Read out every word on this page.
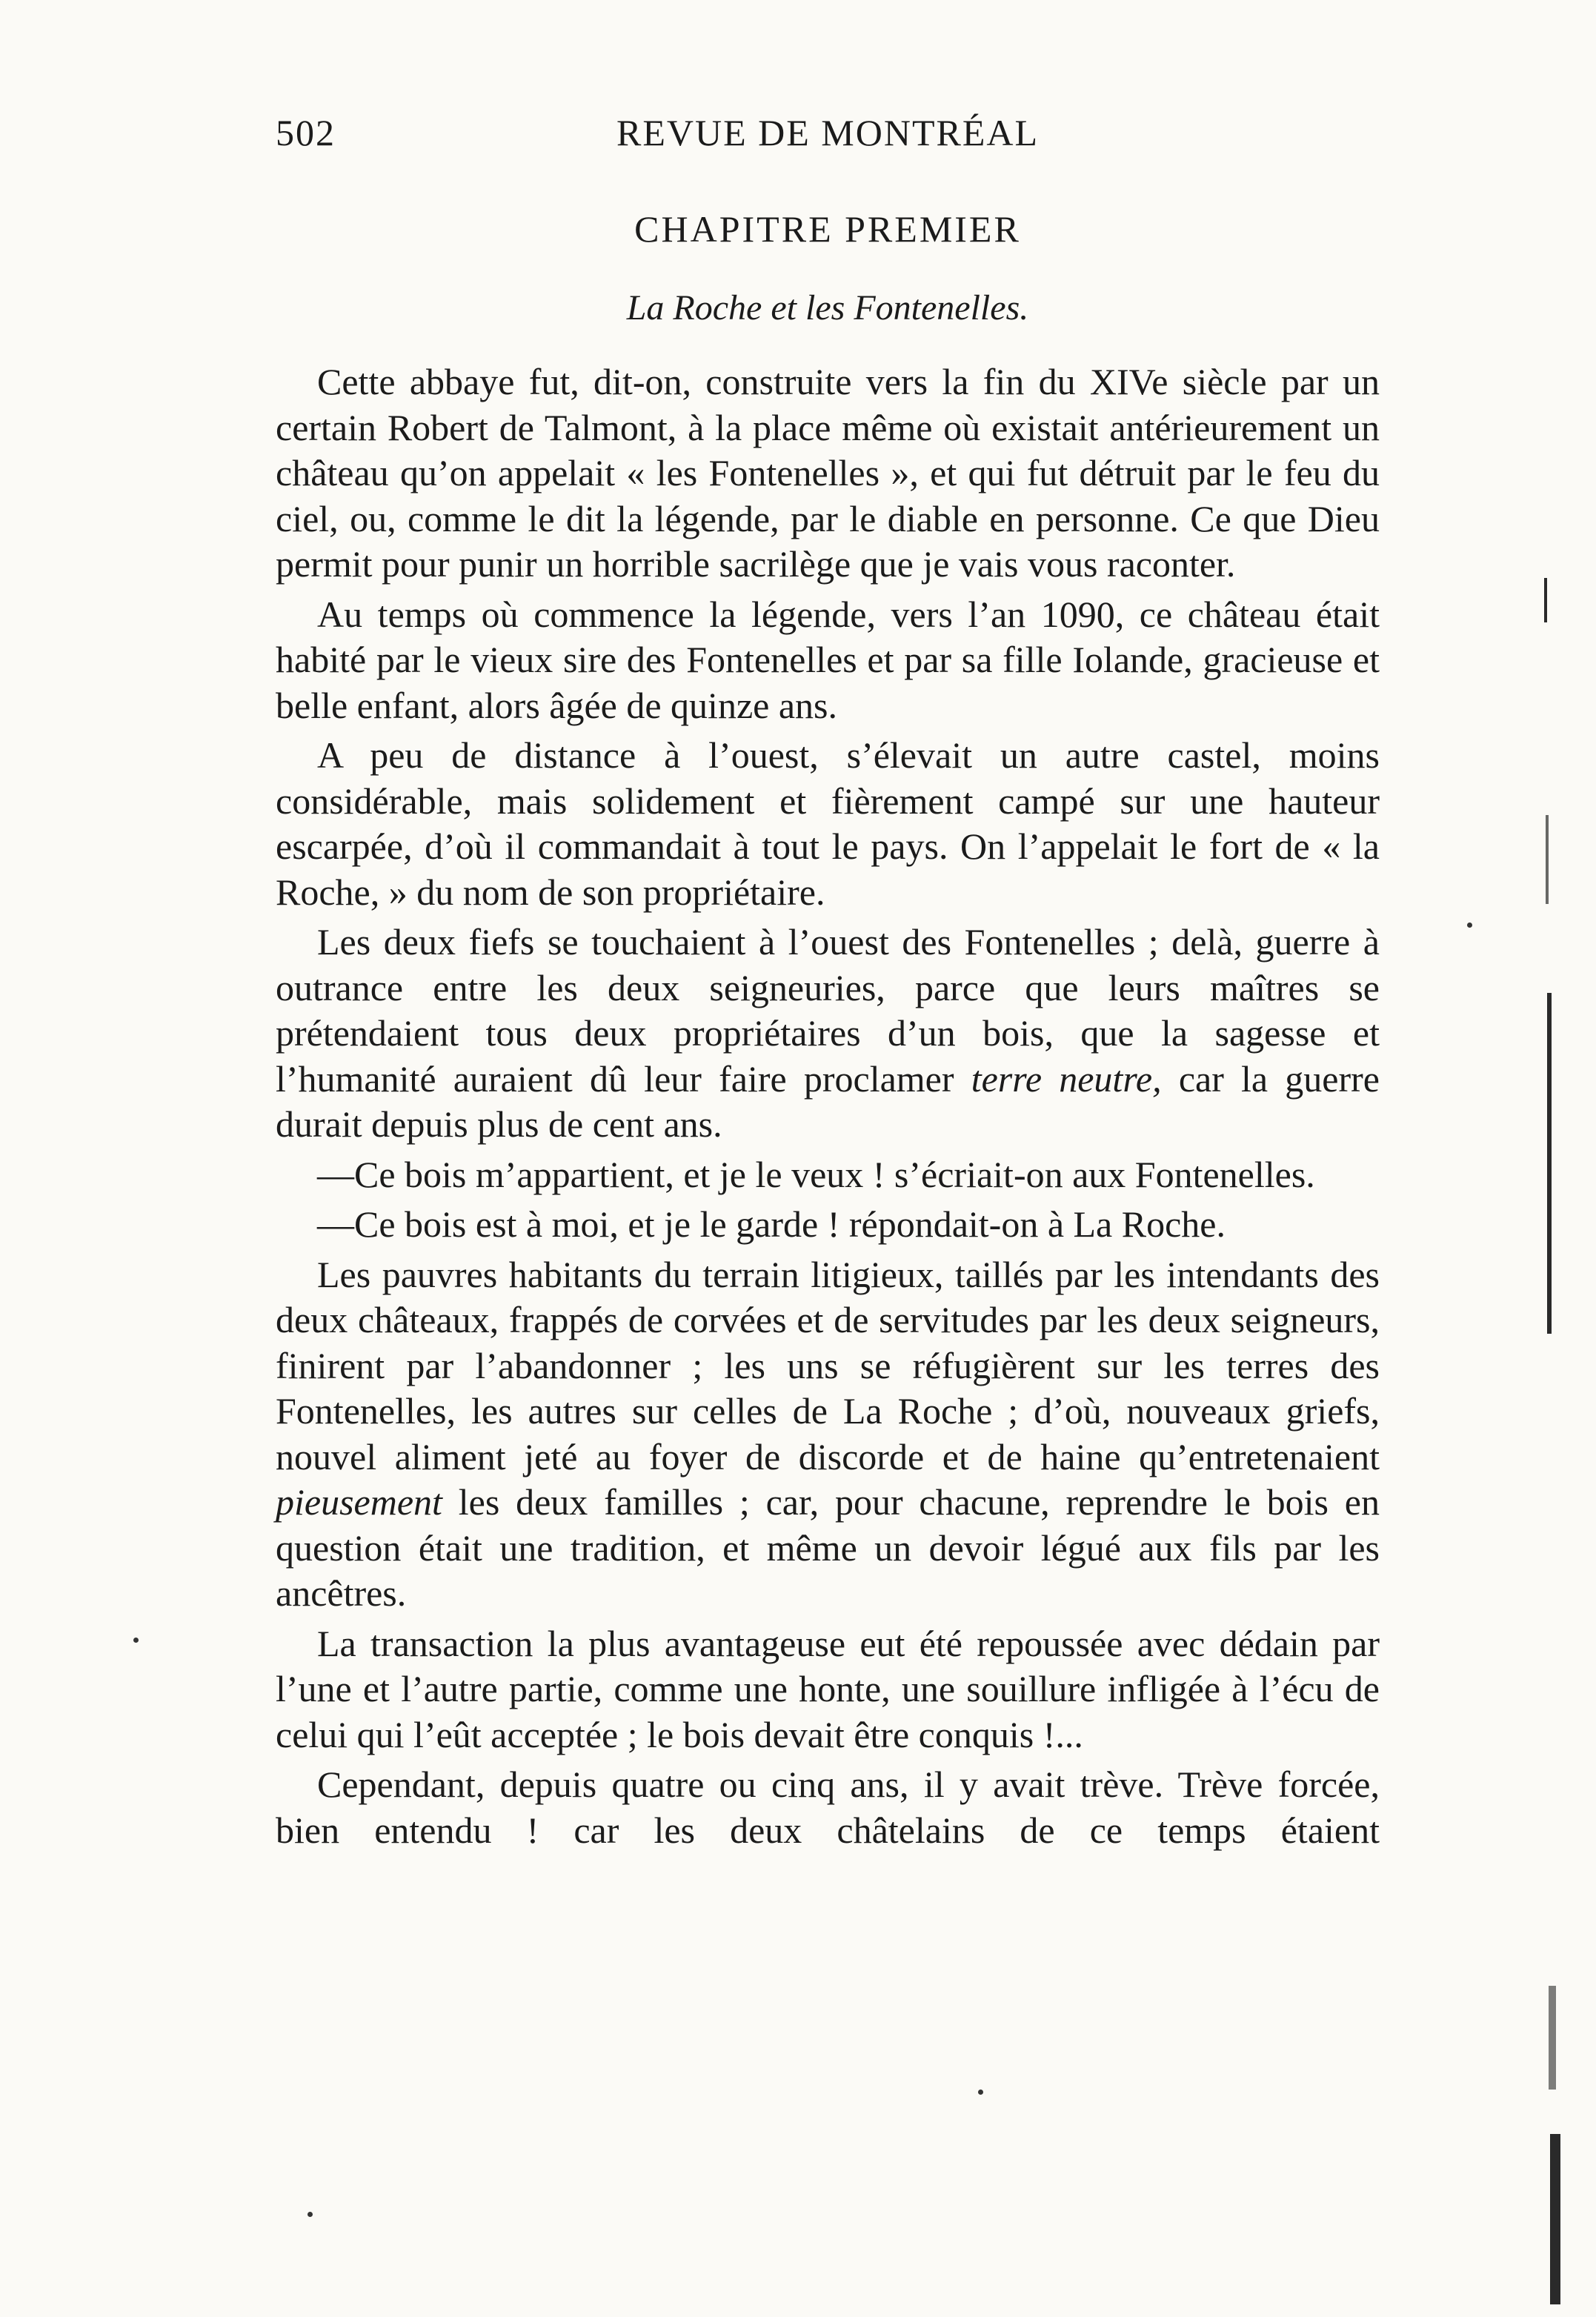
502	REVUE DE MONTRÉAL
CHAPITRE PREMIER
La Roche et les Fontenelles.

Cette abbaye fut, dit-on, construite vers la fin du XIVe siècle par un certain Robert de Talmont, à la place même où existait antérieurement un château qu’on appelait « les Fontenelles », et qui fut détruit par le feu du ciel, ou, comme le dit la légende, par le diable en personne. Ce que Dieu permit pour punir un horrible sacrilège que je vais vous raconter.

Au temps où commence la légende, vers l’an 1090, ce château était habité par le vieux sire des Fontenelles et par sa fille Iolande, gracieuse et belle enfant, alors âgée de quinze ans.

A peu de distance à l’ouest, s’élevait un autre castel, moins considérable, mais solidement et fièrement campé sur une hauteur escarpée, d’où il commandait à tout le pays. On l’appelait le fort de « la Roche, » du nom de son propriétaire.

Les deux fiefs se touchaient à l’ouest des Fontenelles ; delà, guerre à outrance entre les deux seigneuries, parce que leurs maîtres se prétendaient tous deux propriétaires d’un bois, que la sagesse et l’humanité auraient dû leur faire proclamer terre neutre, car la guerre durait depuis plus de cent ans.

—Ce bois m’appartient, et je le veux ! s’écriait-on aux Fontenelles.

—Ce bois est à moi, et je le garde ! répondait-on à La Roche.

Les pauvres habitants du terrain litigieux, taillés par les intendants des deux châteaux, frappés de corvées et de servitudes par les deux seigneurs, finirent par l’abandonner ; les uns se réfugièrent sur les terres des Fontenelles, les autres sur celles de La Roche ; d’où, nouveaux griefs, nouvel aliment jeté au foyer de discorde et de haine qu’entretenaient pieusement les deux familles ; car, pour chacune, reprendre le bois en question était une tradition, et même un devoir légué aux fils par les ancêtres.

La transaction la plus avantageuse eut été repoussée avec dédain par l’une et l’autre partie, comme une honte, une souillure infligée à l’écu de celui qui l’eût acceptée ; le bois devait être conquis !...

Cependant, depuis quatre ou cinq ans, il y avait trève. Trève forcée, bien entendu ! car les deux châtelains de ce temps étaient
